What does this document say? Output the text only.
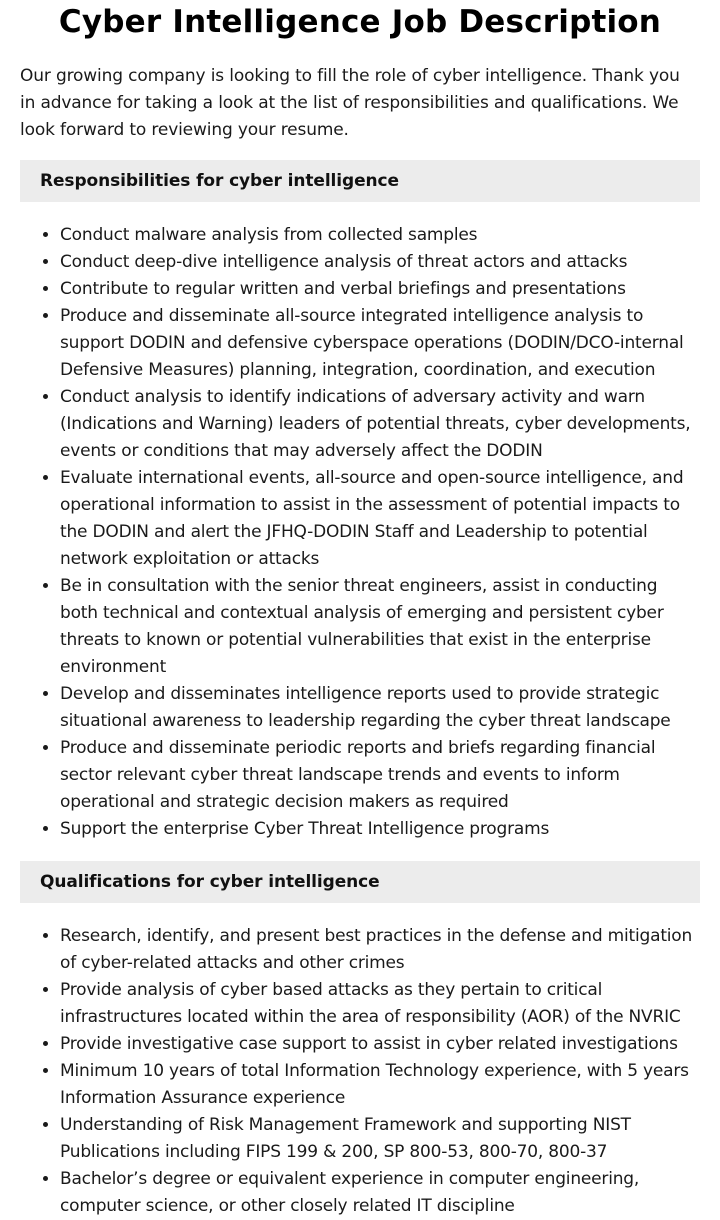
Cyber Intelligence Job Description

Our growing company is looking to fill the role of cyber intelligence. Thank you in advance for taking a look at the list of responsibilities and qualifications. We look forward to reviewing your resume.

Responsibilities for cyber intelligence
• Conduct malware analysis from collected samples
• Conduct deep-dive intelligence analysis of threat actors and attacks
• Contribute to regular written and verbal briefings and presentations
• Produce and disseminate all-source integrated intelligence analysis to support DODIN and defensive cyberspace operations (DODIN/DCO-internal Defensive Measures) planning, integration, coordination, and execution
• Conduct analysis to identify indications of adversary activity and warn (Indications and Warning) leaders of potential threats, cyber developments, events or conditions that may adversely affect the DODIN
• Evaluate international events, all-source and open-source intelligence, and operational information to assist in the assessment of potential impacts to the DODIN and alert the JFHQ-DODIN Staff and Leadership to potential network exploitation or attacks
• Be in consultation with the senior threat engineers, assist in conducting both technical and contextual analysis of emerging and persistent cyber threats to known or potential vulnerabilities that exist in the enterprise environment
• Develop and disseminates intelligence reports used to provide strategic situational awareness to leadership regarding the cyber threat landscape
• Produce and disseminate periodic reports and briefs regarding financial sector relevant cyber threat landscape trends and events to inform operational and strategic decision makers as required
• Support the enterprise Cyber Threat Intelligence programs
Qualifications for cyber intelligence
• Research, identify, and present best practices in the defense and mitigation of cyber-related attacks and other crimes
• Provide analysis of cyber based attacks as they pertain to critical infrastructures located within the area of responsibility (AOR) of the NVRIC
• Provide investigative case support to assist in cyber related investigations
• Minimum 10 years of total Information Technology experience, with 5 years Information Assurance experience
• Understanding of Risk Management Framework and supporting NIST Publications including FIPS 199 & 200, SP 800-53, 800-70, 800-37
• Bachelor’s degree or equivalent experience in computer engineering, computer science, or other closely related IT discipline
